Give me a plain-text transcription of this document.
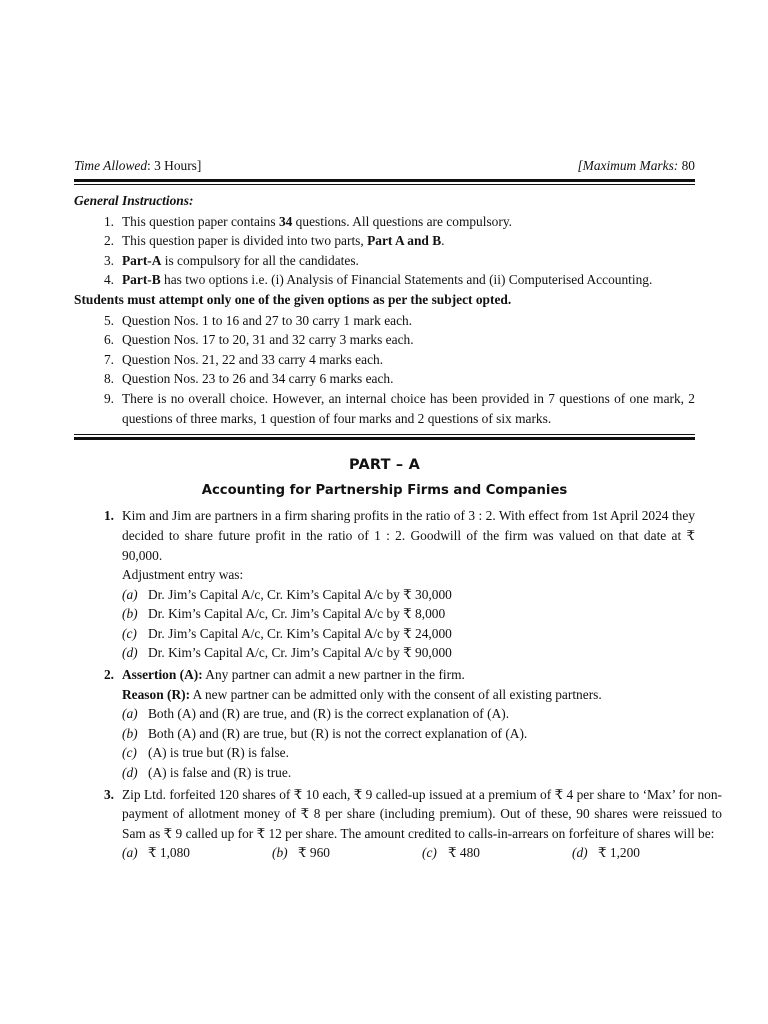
Time Allowed: 3 Hours]	[Maximum Marks: 80
General Instructions:
1. This question paper contains 34 questions. All questions are compulsory.
2. This question paper is divided into two parts, Part A and B.
3. Part-A is compulsory for all the candidates.
4. Part-B has two options i.e. (i) Analysis of Financial Statements and (ii) Computerised Accounting.
Students must attempt only one of the given options as per the subject opted.
5. Question Nos. 1 to 16 and 27 to 30 carry 1 mark each.
6. Question Nos. 17 to 20, 31 and 32 carry 3 marks each.
7. Question Nos. 21, 22 and 33 carry 4 marks each.
8. Question Nos. 23 to 26 and 34 carry 6 marks each.
9. There is no overall choice. However, an internal choice has been provided in 7 questions of one mark, 2 questions of three marks, 1 question of four marks and 2 questions of six marks.
PART – A
Accounting for Partnership Firms and Companies
1. Kim and Jim are partners in a firm sharing profits in the ratio of 3 : 2. With effect from 1st April 2024 they decided to share future profit in the ratio of 1 : 2. Goodwill of the firm was valued on that date at ₹ 90,000.
Adjustment entry was:
(a) Dr. Jim’s Capital A/c, Cr. Kim’s Capital A/c by ₹ 30,000
(b) Dr. Kim’s Capital A/c, Cr. Jim’s Capital A/c by ₹ 8,000
(c) Dr. Jim’s Capital A/c, Cr. Kim’s Capital A/c by ₹ 24,000
(d) Dr. Kim’s Capital A/c, Cr. Jim’s Capital A/c by ₹ 90,000
2. Assertion (A): Any partner can admit a new partner in the firm.
Reason (R): A new partner can be admitted only with the consent of all existing partners.
(a) Both (A) and (R) are true, and (R) is the correct explanation of (A).
(b) Both (A) and (R) are true, but (R) is not the correct explanation of (A).
(c) (A) is true but (R) is false.
(d) (A) is false and (R) is true.
3. Zip Ltd. forfeited 120 shares of ₹ 10 each, ₹ 9 called-up issued at a premium of ₹ 4 per share to ‘Max’ for non-payment of allotment money of ₹ 8 per share (including premium). Out of these, 90 shares were reissued to Sam as ₹ 9 called up for ₹ 12 per share. The amount credited to calls-in-arrears on forfeiture of shares will be:
(a) ₹ 1,080	(b) ₹ 960	(c) ₹ 480	(d) ₹ 1,200
